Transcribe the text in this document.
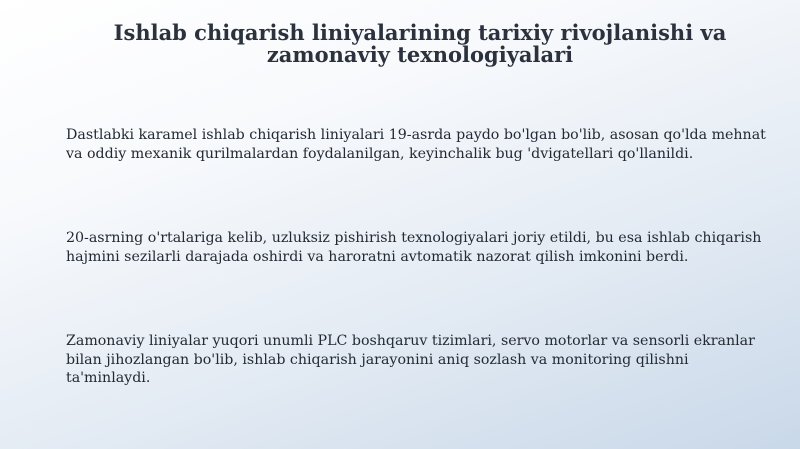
Ishlab chiqarish liniyalarining tarixiy rivojlanishi va zamonaviy texnologiyalari

Dastlabki karamel ishlab chiqarish liniyalari 19-asrda paydo bo'lgan bo'lib, asosan qo'lda mehnat va oddiy mexanik qurilmalardan foydalanilgan, keyinchalik bug 'dvigatellari qo'llanildi.

20-asrning o'rtalariga kelib, uzluksiz pishirish texnologiyalari joriy etildi, bu esa ishlab chiqarish hajmini sezilarli darajada oshirdi va haroratni avtomatik nazorat qilish imkonini berdi.

Zamonaviy liniyalar yuqori unumli PLC boshqaruv tizimlari, servo motorlar va sensorli ekranlar bilan jihozlangan bo'lib, ishlab chiqarish jarayonini aniq sozlash va monitoring qilishni ta'minlaydi.
